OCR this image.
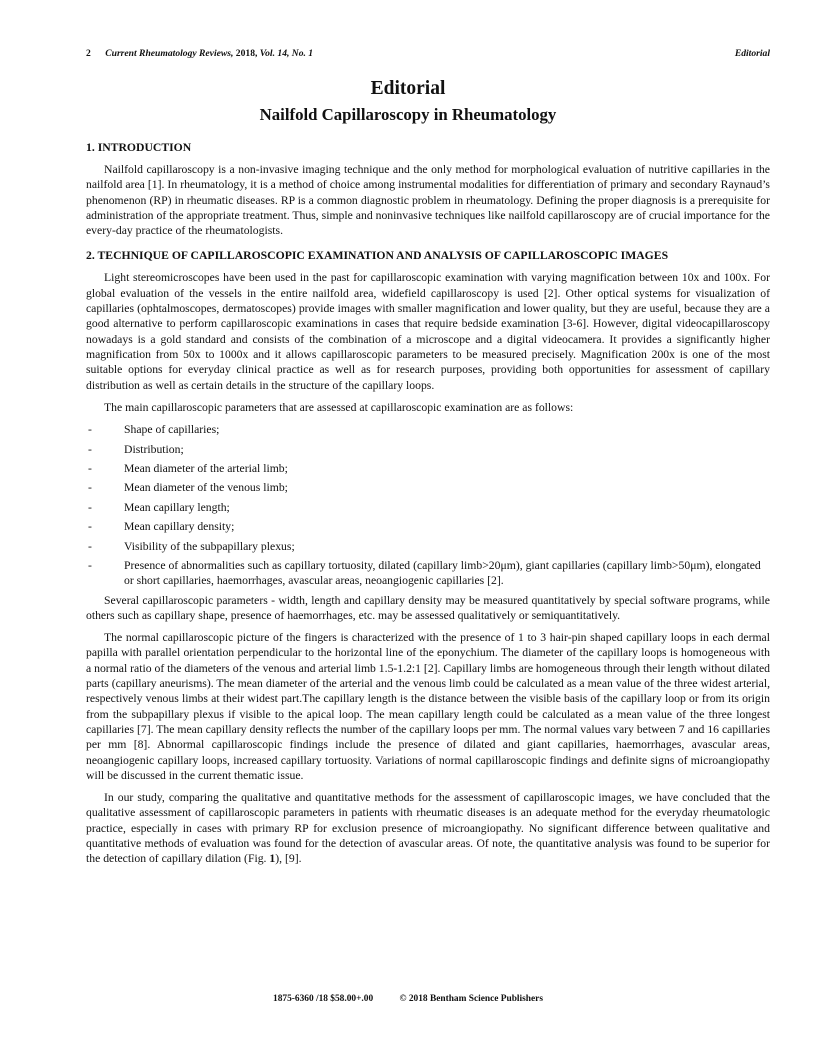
2 Current Rheumatology Reviews, 2018, Vol. 14, No. 1	Editorial
Editorial
Nailfold Capillaroscopy in Rheumatology
1. INTRODUCTION

Nailfold capillaroscopy is a non-invasive imaging technique and the only method for morphological evaluation of nutritive capillaries in the nailfold area [1]. In rheumatology, it is a method of choice among instrumental modalities for differentiation of primary and secondary Raynaud’s phenomenon (RP) in rheumatic diseases. RP is a common diagnostic problem in rheumatology. Defining the proper diagnosis is a prerequisite for administration of the appropriate treatment. Thus, simple and noninvasive techniques like nailfold capillaroscopy are of crucial importance for the every-day practice of the rheumatologists.

2. TECHNIQUE OF CAPILLAROSCOPIC EXAMINATION AND ANALYSIS OF CAPILLAROSCOPIC IMAGES

Light stereomicroscopes have been used in the past for capillaroscopic examination with varying magnification between 10x and 100x. For global evaluation of the vessels in the entire nailfold area, widefield capillaroscopy is used [2]. Other optical systems for visualization of capillaries (ophtalmoscopes, dermatoscopes) provide images with smaller magnification and lower quality, but they are useful, because they are a good alternative to perform capillaroscopic examinations in cases that require bedside examination [3-6]. However, digital videocapillaroscopy nowadays is a gold standard and consists of the combination of a microscope and a digital videocamera. It provides a significantly higher magnification from 50x to 1000x and it allows capillaroscopic parameters to be measured precisely. Magnification 200x is one of the most suitable options for everyday clinical practice as well as for research purposes, providing both opportunities for assessment of capillary distribution as well as certain details in the structure of the capillary loops.

The main capillaroscopic parameters that are assessed at capillaroscopic examination are as follows:

-	Shape of capillaries;
-	Distribution;
-	Mean diameter of the arterial limb;
-	Mean diameter of the venous limb;
-	Mean capillary length;
-	Mean capillary density;
-	Visibility of the subpapillary plexus;
-	Presence of abnormalities such as capillary tortuosity, dilated (capillary limb>20μm), giant capillaries (capillary limb>50μm), elongated or short capillaries, haemorrhages, avascular areas, neoangiogenic capillaries [2].

Several capillaroscopic parameters - width, length and capillary density may be measured quantitatively by special software programs, while others such as capillary shape, presence of haemorrhages, etc. may be assessed qualitatively or semiquantitatively.

The normal capillaroscopic picture of the fingers is characterized with the presence of 1 to 3 hair-pin shaped capillary loops in each dermal papilla with parallel orientation perpendicular to the horizontal line of the eponychium. The diameter of the capillary loops is homogeneous with a normal ratio of the diameters of the venous and arterial limb 1.5-1.2:1 [2]. Capillary limbs are homogeneous through their length without dilated parts (capillary aneurisms). The mean diameter of the arterial and the venous limb could be calculated as a mean value of the three widest arterial, respectively venous limbs at their widest part.The capillary length is the distance between the visible basis of the capillary loop or from its origin from the subpapillary plexus if visible to the apical loop. The mean capillary length could be calculated as a mean value of the three longest capillaries [7]. The mean capillary density reflects the number of the capillary loops per mm. The normal values vary between 7 and 16 capillaries per mm [8]. Abnormal capillaroscopic findings include the presence of dilated and giant capillaries, haemorrhages, avascular areas, neoangiogenic capillary loops, increased capillary tortuosity. Variations of normal capillaroscopic findings and definite signs of microangiopathy will be discussed in the current thematic issue.

In our study, comparing the qualitative and quantitative methods for the assessment of capillaroscopic images, we have concluded that the qualitative assessment of capillaroscopic parameters in patients with rheumatic diseases is an adequate method for the everyday rheumatologic practice, especially in cases with primary RP for exclusion presence of microangiopathy. No significant difference between qualitative and quantitative methods of evaluation was found for the detection of avascular areas. Of note, the quantitative analysis was found to be superior for the detection of capillary dilation (Fig. 1), [9].

1875-6360 /18 $58.00+.00	© 2018 Bentham Science Publishers
